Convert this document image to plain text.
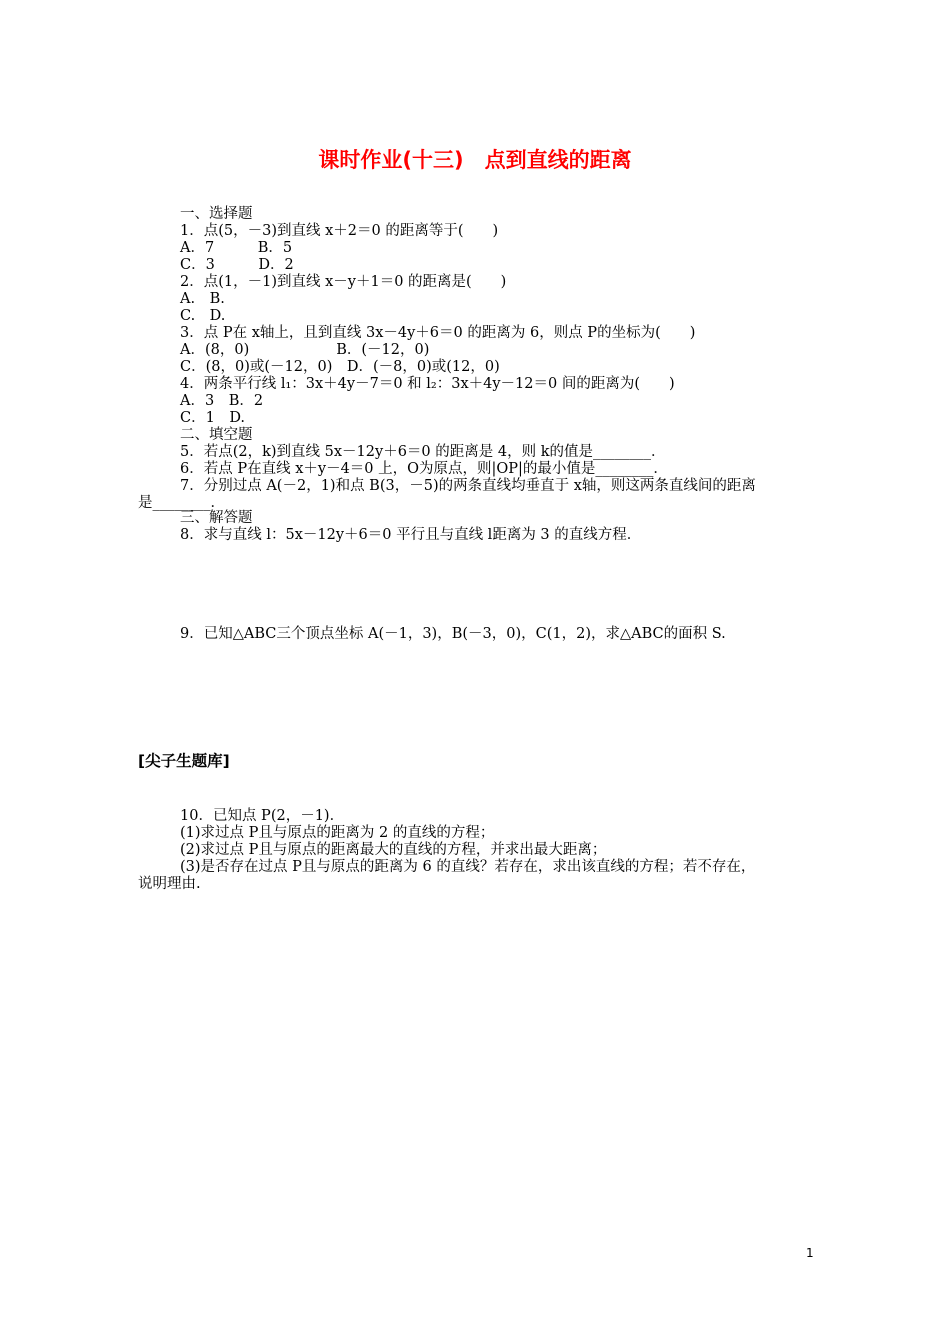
课时作业(十三)　点到直线的距离
一、选择题
1．点(5，－3)到直线 x＋2＝0 的距离等于(　　)
A．7　　　B．5
C．3　　　D．2
2．点(1，－1)到直线 x－y＋1＝0 的距离是(　　)
A.　B.
C.　D.
3．点 P在 x轴上，且到直线 3x－4y＋6＝0 的距离为 6，则点 P的坐标为(　　)
A．(8，0)　　　　　　B．(－12，0)
C．(8，0)或(－12，0)　D．(－8，0)或(12，0)
4．两条平行线 l₁：3x＋4y－7＝0 和 l₂：3x＋4y－12＝0 间的距离为(　　)
A．3　B．2
C．1　D.
二、填空题
5．若点(2，k)到直线 5x－12y＋6＝0 的距离是 4，则 k的值是________．
6．若点 P在直线 x＋y－4＝0 上，O为原点，则|OP|的最小值是________．
7．分别过点 A(－2，1)和点 B(3，－5)的两条直线均垂直于 x轴，则这两条直线间的距离
是________．
三、解答题
8．求与直线 l：5x－12y＋6＝0 平行且与直线 l距离为 3 的直线方程．
9．已知△ABC三个顶点坐标 A(－1，3)，B(－3，0)，C(1，2)，求△ABC的面积 S.
[尖子生题库]
10．已知点 P(2，－1)．
(1)求过点 P且与原点的距离为 2 的直线的方程；
(2)求过点 P且与原点的距离最大的直线的方程，并求出最大距离；
(3)是否存在过点 P且与原点的距离为 6 的直线？若存在，求出该直线的方程；若不存在，
说明理由.
1
